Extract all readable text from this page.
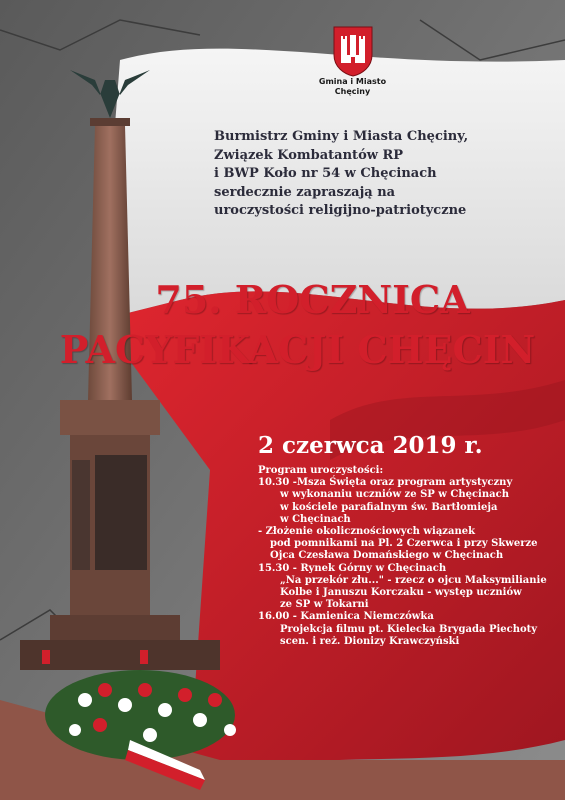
Gmina i Miasto
Chęciny
Burmistrz Gminy i Miasta Chęciny,
Związek Kombatantów RP
i BWP Koło nr 54 w Chęcinach
serdecznie zapraszają na
uroczystości religijno-patriotyczne
75. ROCZNICA
PACYFIKACJI CHĘCIN
2 czerwca 2019 r.
Program uroczystości:
10.30 -Msza Święta oraz program artystyczny
w wykonaniu uczniów ze SP w Chęcinach
w kościele parafialnym św. Bartłomieja
w Chęcinach
- Złożenie okolicznościowych wiązanek
pod pomnikami na Pl. 2 Czerwca i przy Skwerze
Ojca Czesława Domańskiego w Chęcinach
15.30 - Rynek Górny w Chęcinach
„Na przekór złu..." - rzecz o ojcu Maksymilianie
Kolbe i Januszu Korczaku - występ uczniów
ze SP w Tokarni
16.00 - Kamienica Niemczówka
Projekcja filmu pt. Kielecka Brygada Piechoty
scen. i reż. Dionizy Krawczyński
